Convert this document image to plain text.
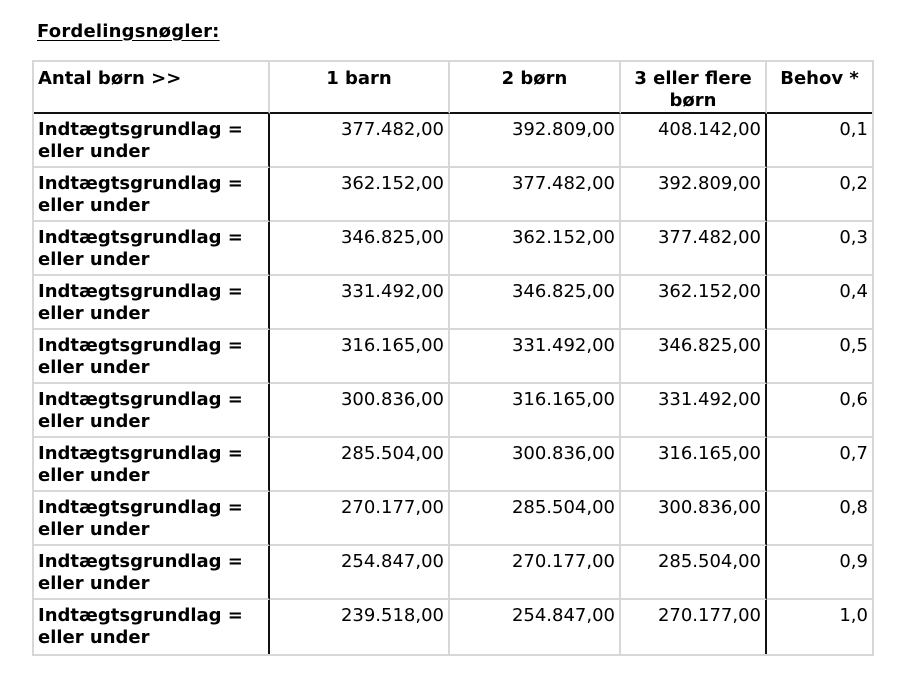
Fordelingsnøgler:
Antal børn >>	1 barn	2 børn	3 eller flere børn	Behov *
Indtægtsgrundlag = eller under	377.482,00	392.809,00	408.142,00	0,1
Indtægtsgrundlag = eller under	362.152,00	377.482,00	392.809,00	0,2
Indtægtsgrundlag = eller under	346.825,00	362.152,00	377.482,00	0,3
Indtægtsgrundlag = eller under	331.492,00	346.825,00	362.152,00	0,4
Indtægtsgrundlag = eller under	316.165,00	331.492,00	346.825,00	0,5
Indtægtsgrundlag = eller under	300.836,00	316.165,00	331.492,00	0,6
Indtægtsgrundlag = eller under	285.504,00	300.836,00	316.165,00	0,7
Indtægtsgrundlag = eller under	270.177,00	285.504,00	300.836,00	0,8
Indtægtsgrundlag = eller under	254.847,00	270.177,00	285.504,00	0,9
Indtægtsgrundlag = eller under	239.518,00	254.847,00	270.177,00	1,0
